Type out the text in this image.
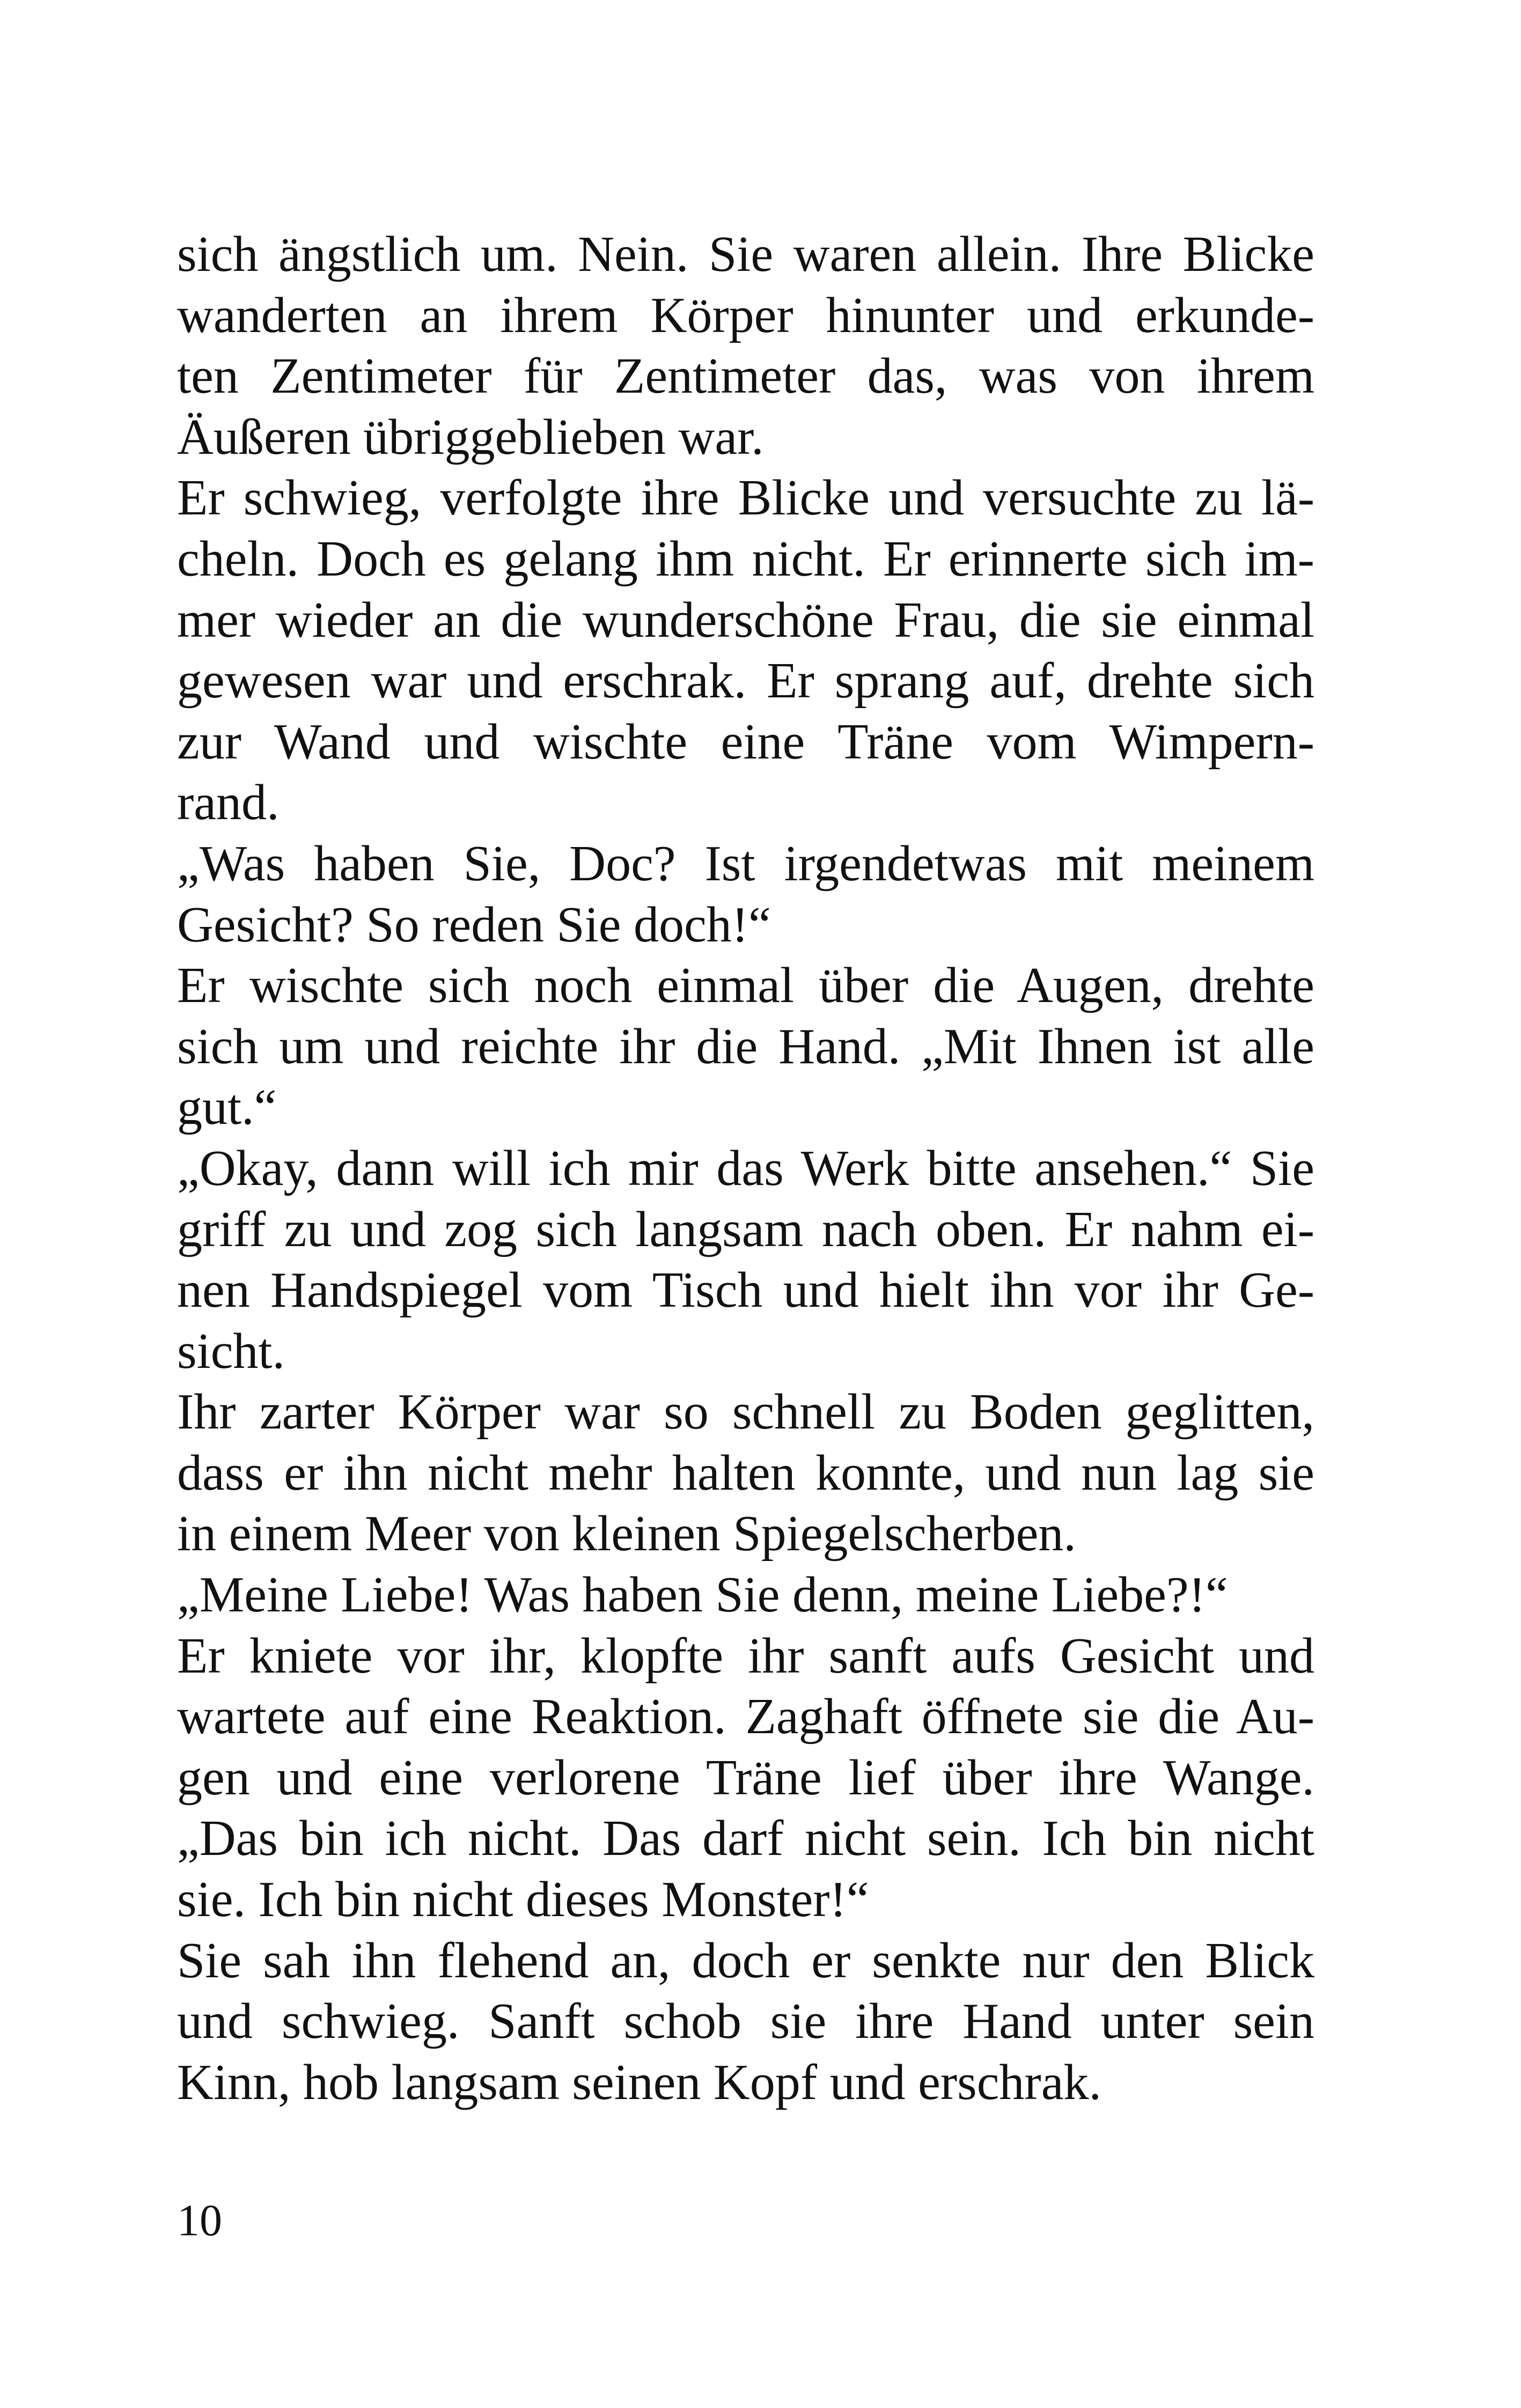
sich ängstlich um. Nein. Sie waren allein. Ihre Blicke
wanderten an ihrem Körper hinunter und erkunde-
ten Zentimeter für Zentimeter das, was von ihrem
Äußeren übriggeblieben war.
Er schwieg, verfolgte ihre Blicke und versuchte zu lä-
cheln. Doch es gelang ihm nicht. Er erinnerte sich im-
mer wieder an die wunderschöne Frau, die sie einmal
gewesen war und erschrak. Er sprang auf, drehte sich
zur Wand und wischte eine Träne vom Wimpern-
rand.
„Was haben Sie, Doc? Ist irgendetwas mit meinem
Gesicht? So reden Sie doch!“
Er wischte sich noch einmal über die Augen, drehte
sich um und reichte ihr die Hand. „Mit Ihnen ist alle
gut.“
„Okay, dann will ich mir das Werk bitte ansehen.“ Sie
griff zu und zog sich langsam nach oben. Er nahm ei-
nen Handspiegel vom Tisch und hielt ihn vor ihr Ge-
sicht.
Ihr zarter Körper war so schnell zu Boden geglitten,
dass er ihn nicht mehr halten konnte, und nun lag sie
in einem Meer von kleinen Spiegelscherben.
„Meine Liebe! Was haben Sie denn, meine Liebe?!“
Er kniete vor ihr, klopfte ihr sanft aufs Gesicht und
wartete auf eine Reaktion. Zaghaft öffnete sie die Au-
gen und eine verlorene Träne lief über ihre Wange.
„Das bin ich nicht. Das darf nicht sein. Ich bin nicht
sie. Ich bin nicht dieses Monster!“
Sie sah ihn flehend an, doch er senkte nur den Blick
und schwieg. Sanft schob sie ihre Hand unter sein
Kinn, hob langsam seinen Kopf und erschrak.
10
